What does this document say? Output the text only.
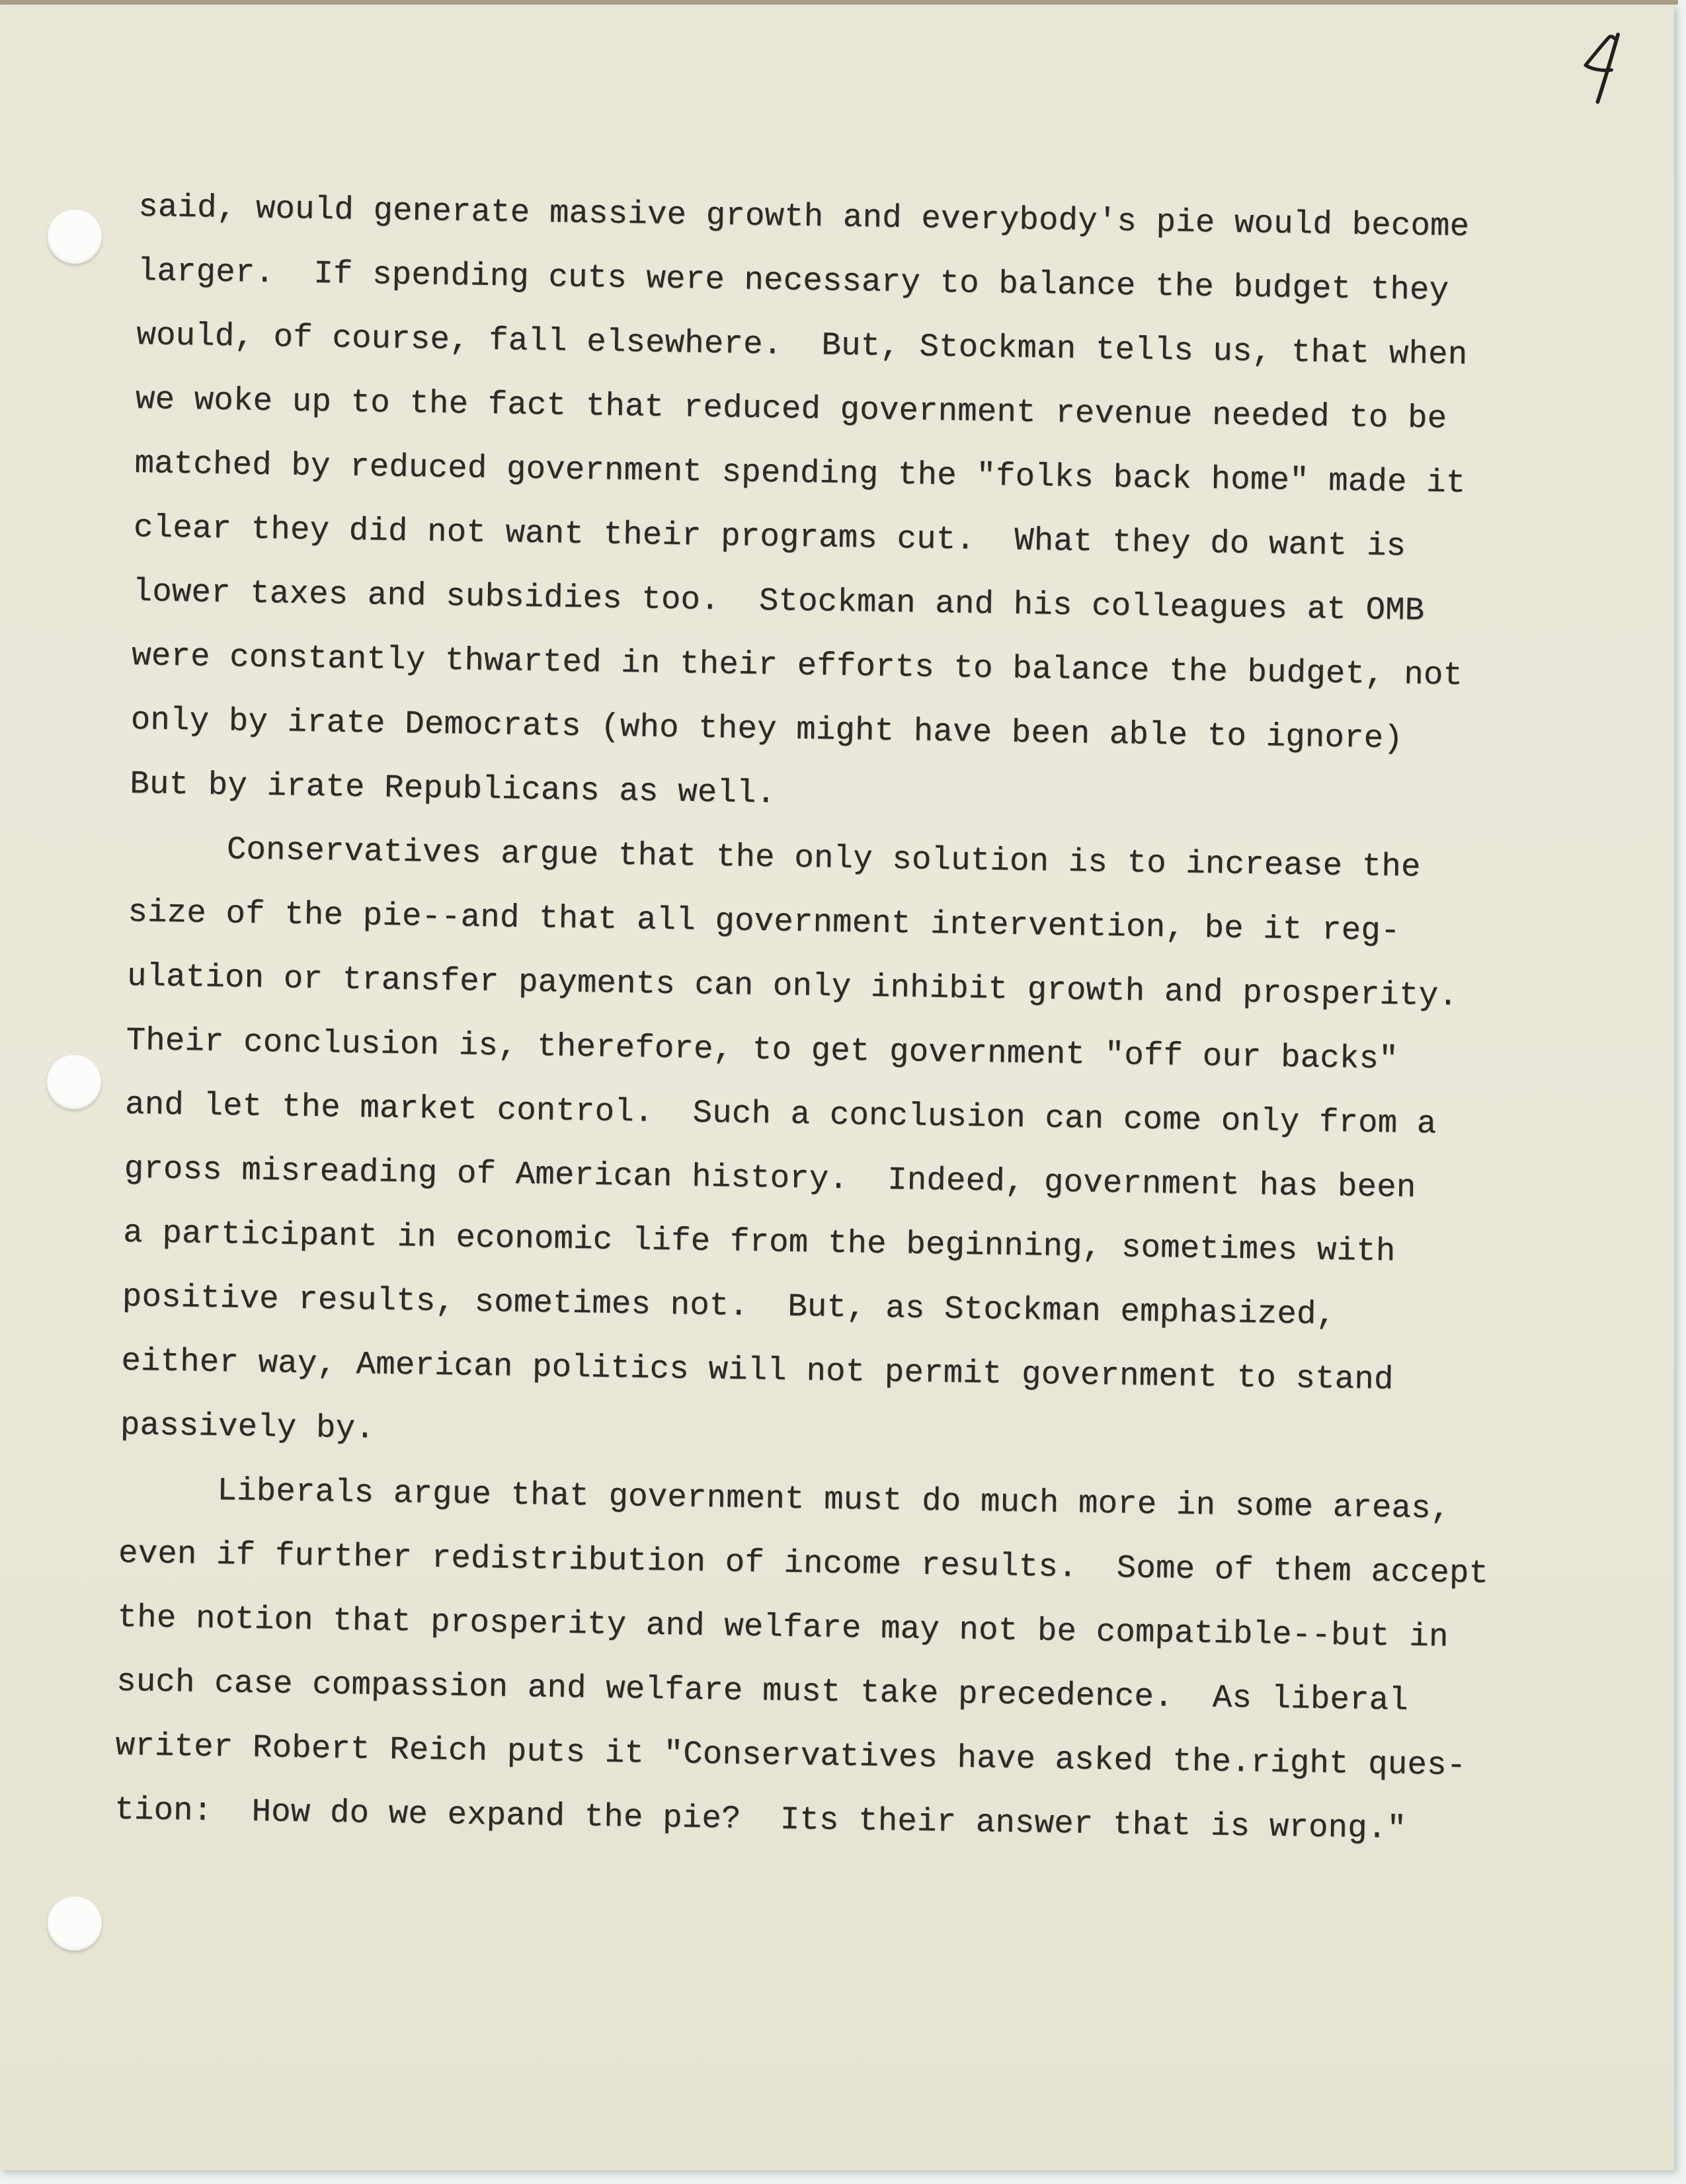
said, would generate massive growth and everybody's pie would become
larger.  If spending cuts were necessary to balance the budget they
would, of course, fall elsewhere.  But, Stockman tells us, that when
we woke up to the fact that reduced government revenue needed to be
matched by reduced government spending the "folks back home" made it
clear they did not want their programs cut.  What they do want is
lower taxes and subsidies too.  Stockman and his colleagues at OMB
were constantly thwarted in their efforts to balance the budget, not
only by irate Democrats (who they might have been able to ignore)
But by irate Republicans as well.
Conservatives argue that the only solution is to increase the
size of the pie--and that all government intervention, be it reg-
ulation or transfer payments can only inhibit growth and prosperity.
Their conclusion is, therefore, to get government "off our backs"
and let the market control.  Such a conclusion can come only from a
gross misreading of American history.  Indeed, government has been
a participant in economic life from the beginning, sometimes with
positive results, sometimes not.  But, as Stockman emphasized,
either way, American politics will not permit government to stand
passively by.
Liberals argue that government must do much more in some areas,
even if further redistribution of income results.  Some of them accept
the notion that prosperity and welfare may not be compatible--but in
such case compassion and welfare must take precedence.  As liberal
writer Robert Reich puts it "Conservatives have asked the.right ques-
tion:  How do we expand the pie?  Its their answer that is wrong."
